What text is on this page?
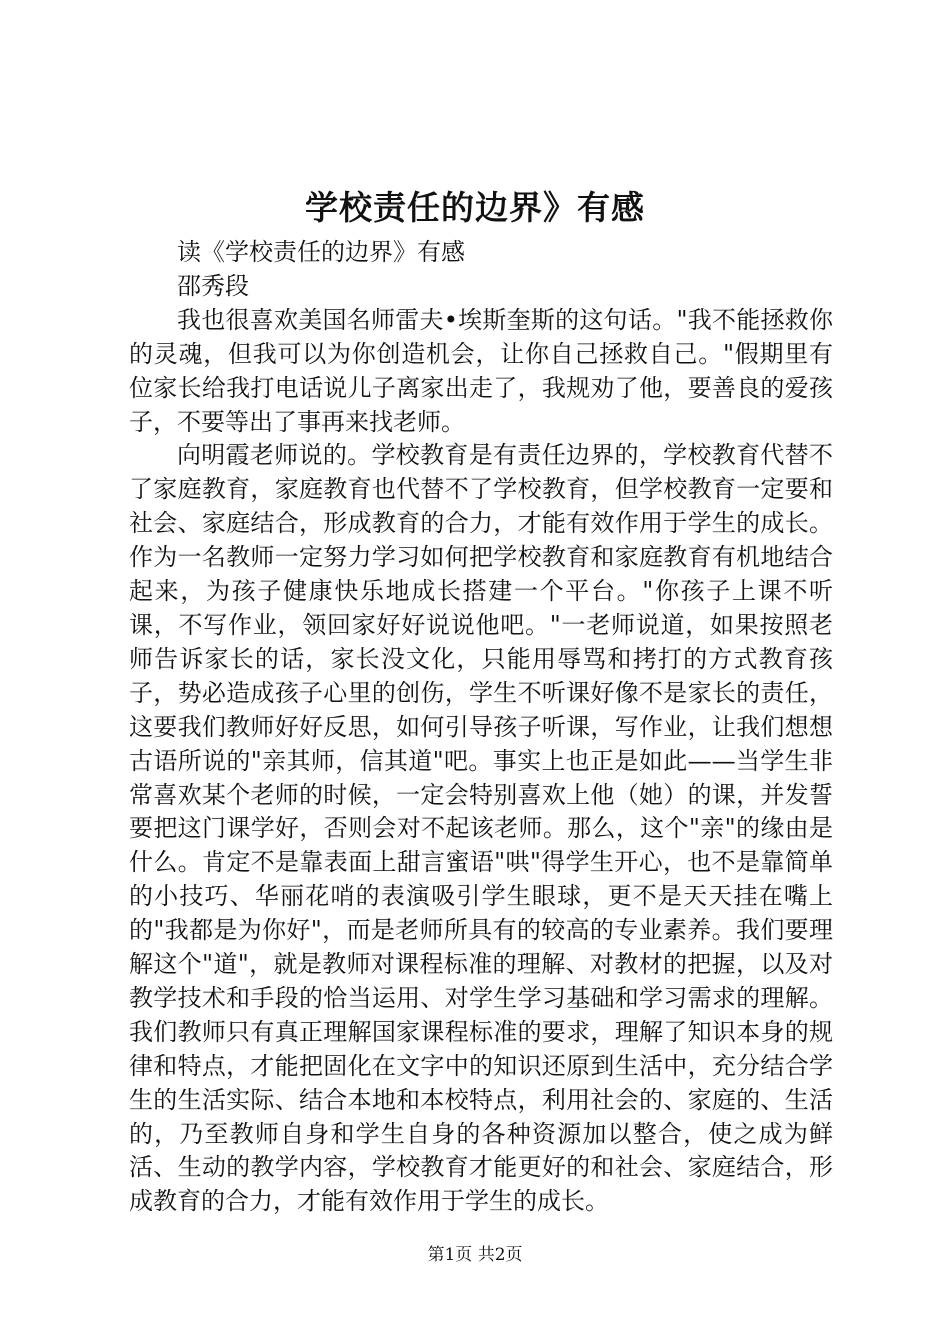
学校责任的边界》有感

读《学校责任的边界》有感

邵秀段

我也很喜欢美国名师雷夫•埃斯奎斯的这句话。"我不能拯救你的灵魂，但我可以为你创造机会，让你自己拯救自己。"假期里有位家长给我打电话说儿子离家出走了，我规劝了他，要善良的爱孩子，不要等出了事再来找老师。

向明霞老师说的。学校教育是有责任边界的，学校教育代替不了家庭教育，家庭教育也代替不了学校教育，但学校教育一定要和社会、家庭结合，形成教育的合力，才能有效作用于学生的成长。作为一名教师一定努力学习如何把学校教育和家庭教育有机地结合起来，为孩子健康快乐地成长搭建一个平台。"你孩子上课不听课，不写作业，领回家好好说说他吧。"一老师说道，如果按照老师告诉家长的话，家长没文化，只能用辱骂和拷打的方式教育孩子，势必造成孩子心里的创伤，学生不听课好像不是家长的责任，这要我们教师好好反思，如何引导孩子听课，写作业，让我们想想古语所说的"亲其师，信其道"吧。事实上也正是如此——当学生非常喜欢某个老师的时候，一定会特别喜欢上他（她）的课，并发誓要把这门课学好，否则会对不起该老师。那么，这个"亲"的缘由是什么。肯定不是靠表面上甜言蜜语"哄"得学生开心，也不是靠简单的小技巧、华丽花哨的表演吸引学生眼球，更不是天天挂在嘴上的"我都是为你好"，而是老师所具有的较高的专业素养。我们要理解这个"道"，就是教师对课程标准的理解、对教材的把握，以及对教学技术和手段的恰当运用、对学生学习基础和学习需求的理解。我们教师只有真正理解国家课程标准的要求，理解了知识本身的规律和特点，才能把固化在文字中的知识还原到生活中，充分结合学生的生活实际、结合本地和本校特点，利用社会的、家庭的、生活的，乃至教师自身和学生自身的各种资源加以整合，使之成为鲜活、生动的教学内容，学校教育才能更好的和社会、家庭结合，形成教育的合力，才能有效作用于学生的成长。

第1页 共2页
